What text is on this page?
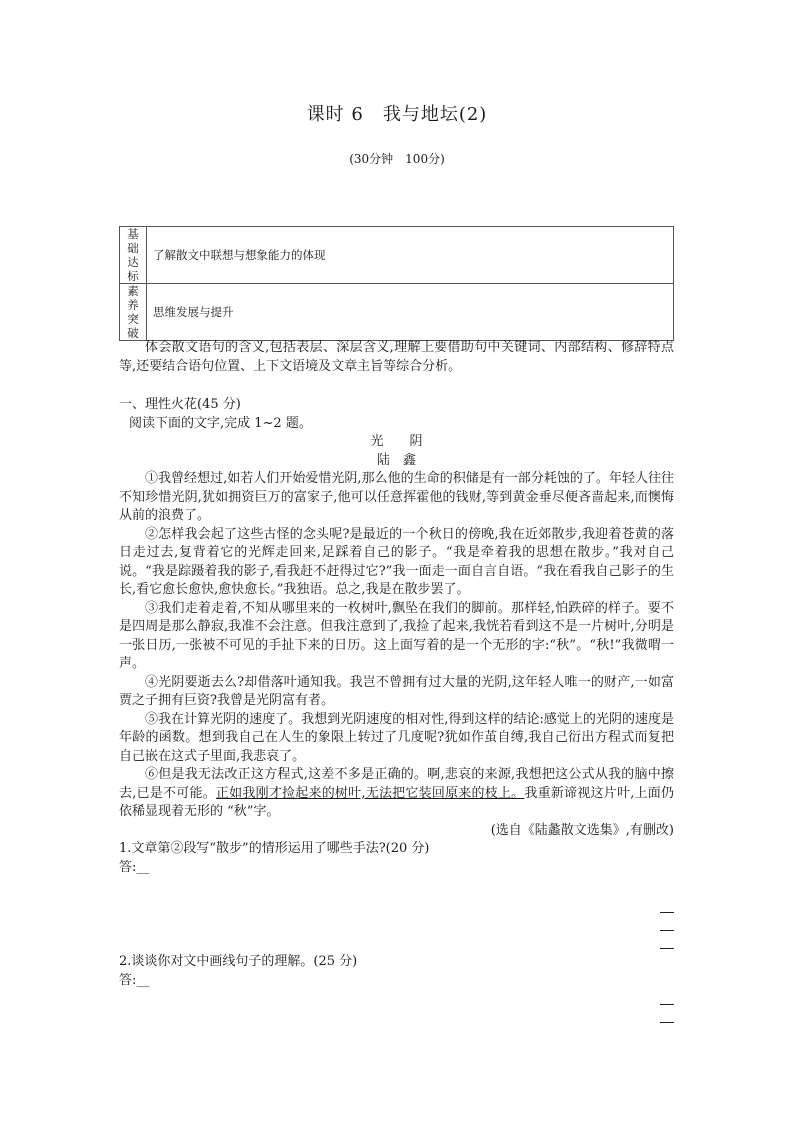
课时 6　我与地坛(2)
(30分钟　100分)
基础达标	了解散文中联想与想象能力的体现
素养突破	思维发展与提升

体会散文语句的含义,包括表层、深层含义,理解上要借助句中关键词、内部结构、修辞特点等,还要结合语句位置、上下文语境及文章主旨等综合分析。

一、理性火花(45 分)

阅读下面的文字,完成 1~2 题。

光　　阴

陆　鑫

①我曾经想过,如若人们开始爱惜光阴,那么他的生命的积储是有一部分耗蚀的了。年轻人往往不知珍惜光阴,犹如拥资巨万的富家子,他可以任意挥霍他的钱财,等到黄金垂尽便吝啬起来,而懊悔从前的浪费了。

②怎样我会起了这些古怪的念头呢?是最近的一个秋日的傍晚,我在近郊散步,我迎着苍黄的落日走过去,复背着它的光辉走回来,足踩着自己的影子。“我是牵着我的思想在散步。”我对自己说。“我是踪蹑着我的影子,看我赶不赶得过它?”我一面走一面自言自语。“我在看我自己影子的生长,看它愈长愈快,愈快愈长。”我独语。总之,我是在散步罢了。

③我们走着走着,不知从哪里来的一枚树叶,飘坠在我们的脚前。那样轻,怕跌碎的样子。要不是四周是那么静寂,我准不会注意。但我注意到了,我捡了起来,我恍若看到这不是一片树叶,分明是一张日历,一张被不可见的手扯下来的日历。这上面写着的是一个无形的字:“秋”。“秋!”我微喟一声。

④光阴要逝去么?却借落叶通知我。我岂不曾拥有过大量的光阴,这年轻人唯一的财产,一如富贾之子拥有巨资?我曾是光阴富有者。

⑤我在计算光阴的速度了。我想到光阴速度的相对性,得到这样的结论:感觉上的光阴的速度是年龄的函数。想到我自己在人生的象限上转过了几度呢?犹如作茧自缚,我自己衍出方程式而复把自己嵌在这式子里面,我悲哀了。

⑥但是我无法改正这方程式,这差不多是正确的。啊,悲哀的来源,我想把这公式从我的脑中擦去,已是不可能。正如我刚才捡起来的树叶,无法把它装回原来的枝上。我重新谛视这片叶,上面仍依稀显现着无形的 “秋”字。

(选自《陆蠡散文选集》,有删改)

1.文章第②段写“散步”的情形运用了哪些手法?(20 分)

答:__

2.谈谈你对文中画线句子的理解。(25 分)

答:__
